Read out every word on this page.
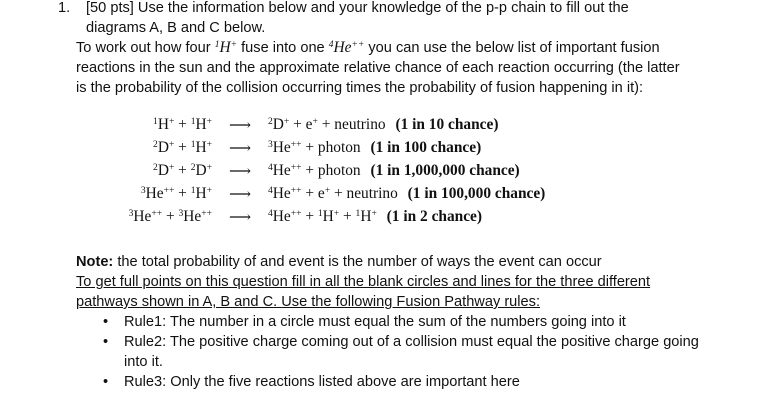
1. [50 pts] Use the information below and your knowledge of the p-p chain to fill out the
diagrams A, B and C below.
To work out how four $^1$H+ fuse into one $^4$He++ you can use the below list of important fusion
reactions in the sun and the approximate relative chance of each reaction occurring (the latter
is the probability of the collision occurring times the probability of fusion happening in it):
$^1$H+ + $^1$H+ ⟶ $^2$D+ + e+ + neutrino (1 in 10 chance)
$^2$D+ + $^1$H+ ⟶ $^3$He++ + photon (1 in 100 chance)
$^2$D+ + $^2$D+ ⟶ $^4$He++ + photon (1 in 1,000,000 chance)
$^3$He++ + $^1$H+ ⟶ $^4$He++ + e+ + neutrino (1 in 100,000 chance)
$^3$He++ + $^3$He++ ⟶ $^4$He++ + $^1$H+ + $^1$H+ (1 in 2 chance)
Note: the total probability of and event is the number of ways the event can occur
To get full points on this question fill in all the blank circles and lines for the three different
pathways shown in A, B and C. Use the following Fusion Pathway rules:
• Rule1: The number in a circle must equal the sum of the numbers going into it
• Rule2: The positive charge coming out of a collision must equal the positive charge going
into it.
• Rule3: Only the five reactions listed above are important here
